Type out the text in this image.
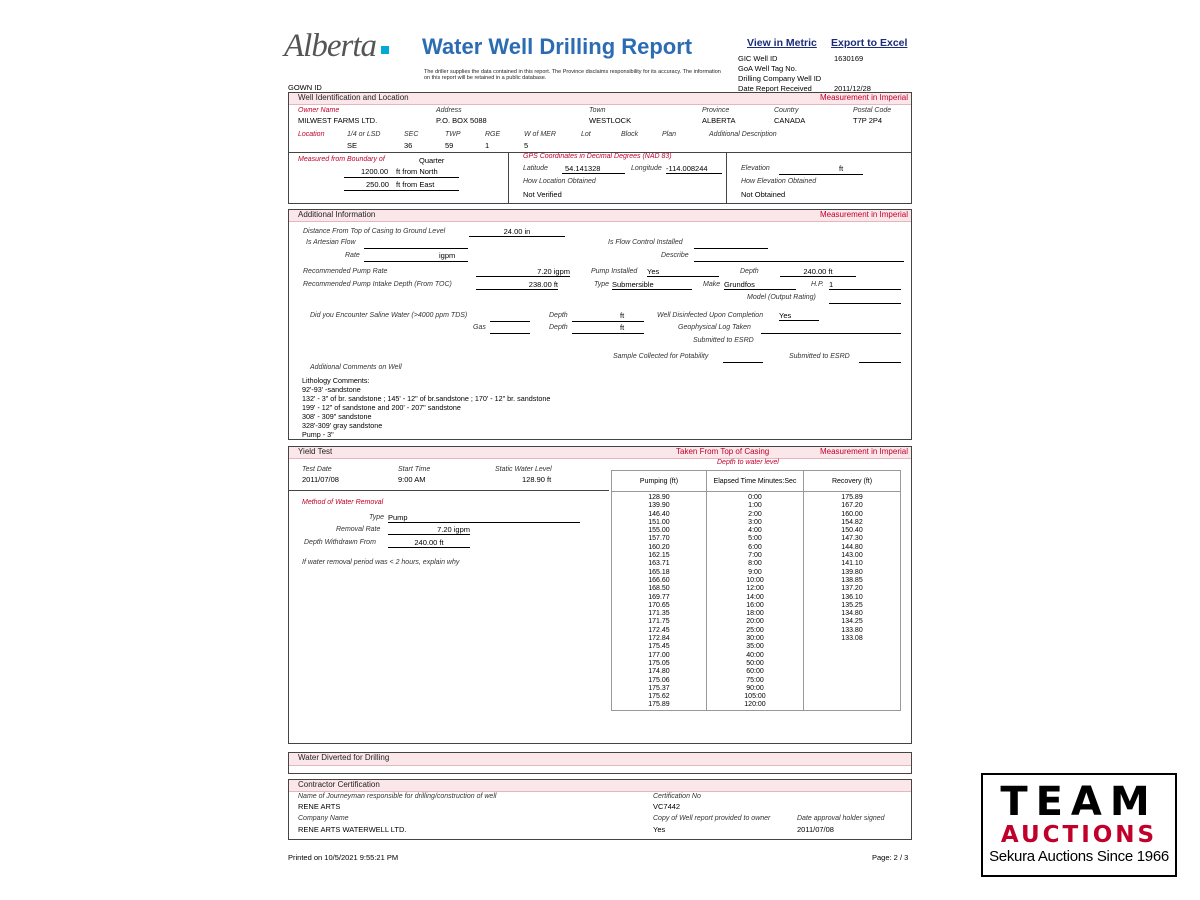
Alberta	Water Well Drilling Report
The driller supplies the data contained in this report. The Province disclaims responsibility for its accuracy. The information on this report will be retained in a public database.
View in Metric Export to Excel
GIC Well ID	1630169
GoA Well Tag No.
Drilling Company Well ID
Date Report Received	2011/12/28
GOWN ID
Well Identification and Location	Measurement in Imperial
Owner Name
MILWEST FARMS LTD.
Address
P.O. BOX 5088
Town
WESTLOCK
Province
ALBERTA
Country
CANADA
Postal Code
T7P 2P4
Location	1/4 or LSD
SE
SEC
36
TWP
59
RGE
1
W of MER
5
Lot	Block	Plan	Additional Description
Measured from Boundary of	Quarter
1200.00 ft from North
250.00 ft from East
GPS Coordinates in Decimal Degrees (NAD 83)
Latitude	54.141328	Longitude -114.008244
How Location Obtained
Not Verified
Elevation	ft
How Elevation Obtained
Not Obtained
Additional Information	Measurement in Imperial
Distance From Top of Casing to Ground Level	24.00 in
Is Artesian Flow	Is Flow Control Installed
Rate	igpm	Describe
Recommended Pump Rate	7.20 igpm	Pump Installed Yes	Depth	240.00 ft
Recommended Pump Intake Depth (From TOC)	238.00 ft	Type Submersible	Make Grundfos	H.P. 1
Model (Output Rating)
Did you Encounter Saline Water (>4000 ppm TDS)	Depth	ft	Well Disinfected Upon Completion Yes
Gas	Depth	ft	Geophysical Log Taken
Submitted to ESRD
Sample Collected for Potability	Submitted to ESRD
Additional Comments on Well
Lithology Comments:
92'-93' -sandstone
132' - 3" of br. sandstone ; 145' - 12" of br.sandstone ; 170' - 12" br. sandstone
199' - 12" of sandstone and 200' - 207" sandstone
308' - 309" sandstone
328'-309' gray sandstone
Pump - 3"
Yield Test	Measurement in Imperial
Taken From Top of Casing
Depth to water level
Test Date
2011/07/08
Start Time
9:00 AM
Static Water Level
128.90 ft
Method of Water Removal
Type Pump
Removal Rate	7.20 igpm
Depth Withdrawn From	240.00 ft
If water removal period was < 2 hours, explain why
Pumping (ft)	Elapsed Time Minutes:Sec	Recovery (ft)
128.90	0:00	175.89
139.90	1:00	167.20
146.40	2:00	160.00
151.00	3:00	154.82
155.00	4:00	150.40
157.70	5:00	147.30
160.20	6:00	144.80
162.15	7:00	143.00
163.71	8:00	141.10
165.18	9:00	139.80
166.60	10:00	138.85
168.50	12:00	137.20
169.77	14:00	136.10
170.65	16:00	135.25
171.35	18:00	134.80
171.75	20:00	134.25
172.45	25:00	133.80
172.84	30:00	133.08
175.45	35:00	
177.00	40:00	
175.05	50:00	
174.80	60:00	
175.06	75:00	
175.37	90:00	
175.62	105:00	
175.89	120:00	
Water Diverted for Drilling
Contractor Certification
Name of Journeyman responsible for drilling/construction of well
RENE ARTS
Certification No
VC7442
Company Name
RENE ARTS WATERWELL LTD.
Copy of Well report provided to owner
Yes
Date approval holder signed
2011/07/08
Printed on 10/5/2021 9:55:21 PM	Page: 2 / 3
TEAM
AUCTIONS
Sekura Auctions Since 1966
